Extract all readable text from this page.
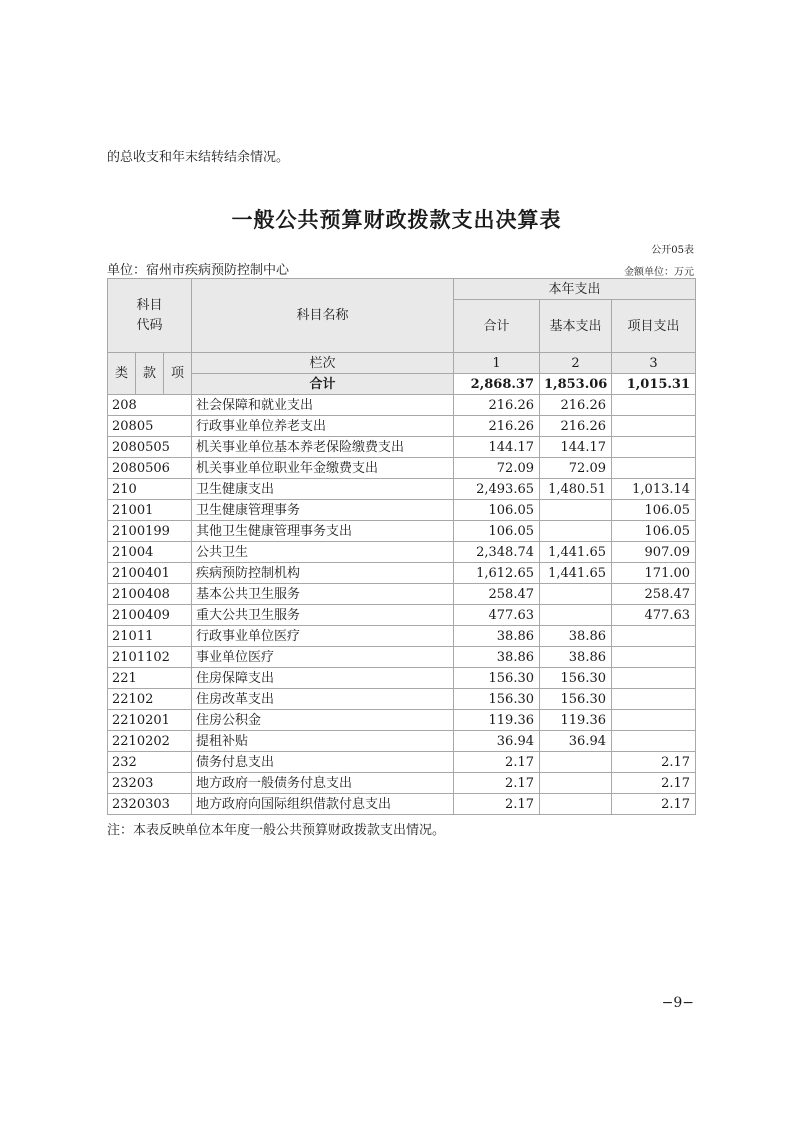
的总收支和年末结转结余情况。
一般公共预算财政拨款支出决算表
公开05表
单位：宿州市疾病预防控制中心	金额单位：万元
科目
代码			科目名称	本年支出		
				合计	基本支出	项目支出

类	款	项	栏次	1	2	3
			合计	2,868.37	1,853.06	1,015.31
208			社会保障和就业支出	216.26	216.26	
20805			行政事业单位养老支出	216.26	216.26	
2080505			机关事业单位基本养老保险缴费支出	144.17	144.17	
2080506			机关事业单位职业年金缴费支出	72.09	72.09	
210			卫生健康支出	2,493.65	1,480.51	1,013.14
21001			卫生健康管理事务	106.05		106.05
2100199			其他卫生健康管理事务支出	106.05		106.05
21004			公共卫生	2,348.74	1,441.65	907.09
2100401			疾病预防控制机构	1,612.65	1,441.65	171.00
2100408			基本公共卫生服务	258.47		258.47
2100409			重大公共卫生服务	477.63		477.63
21011			行政事业单位医疗	38.86	38.86	
2101102			事业单位医疗	38.86	38.86	
221			住房保障支出	156.30	156.30	
22102			住房改革支出	156.30	156.30	
2210201			住房公积金	119.36	119.36	
2210202			提租补贴	36.94	36.94	
232			债务付息支出	2.17		2.17
23203			地方政府一般债务付息支出	2.17		2.17
2320303			地方政府向国际组织借款付息支出	2.17		2.17
注：本表反映单位本年度一般公共预算财政拨款支出情况。
−9−
